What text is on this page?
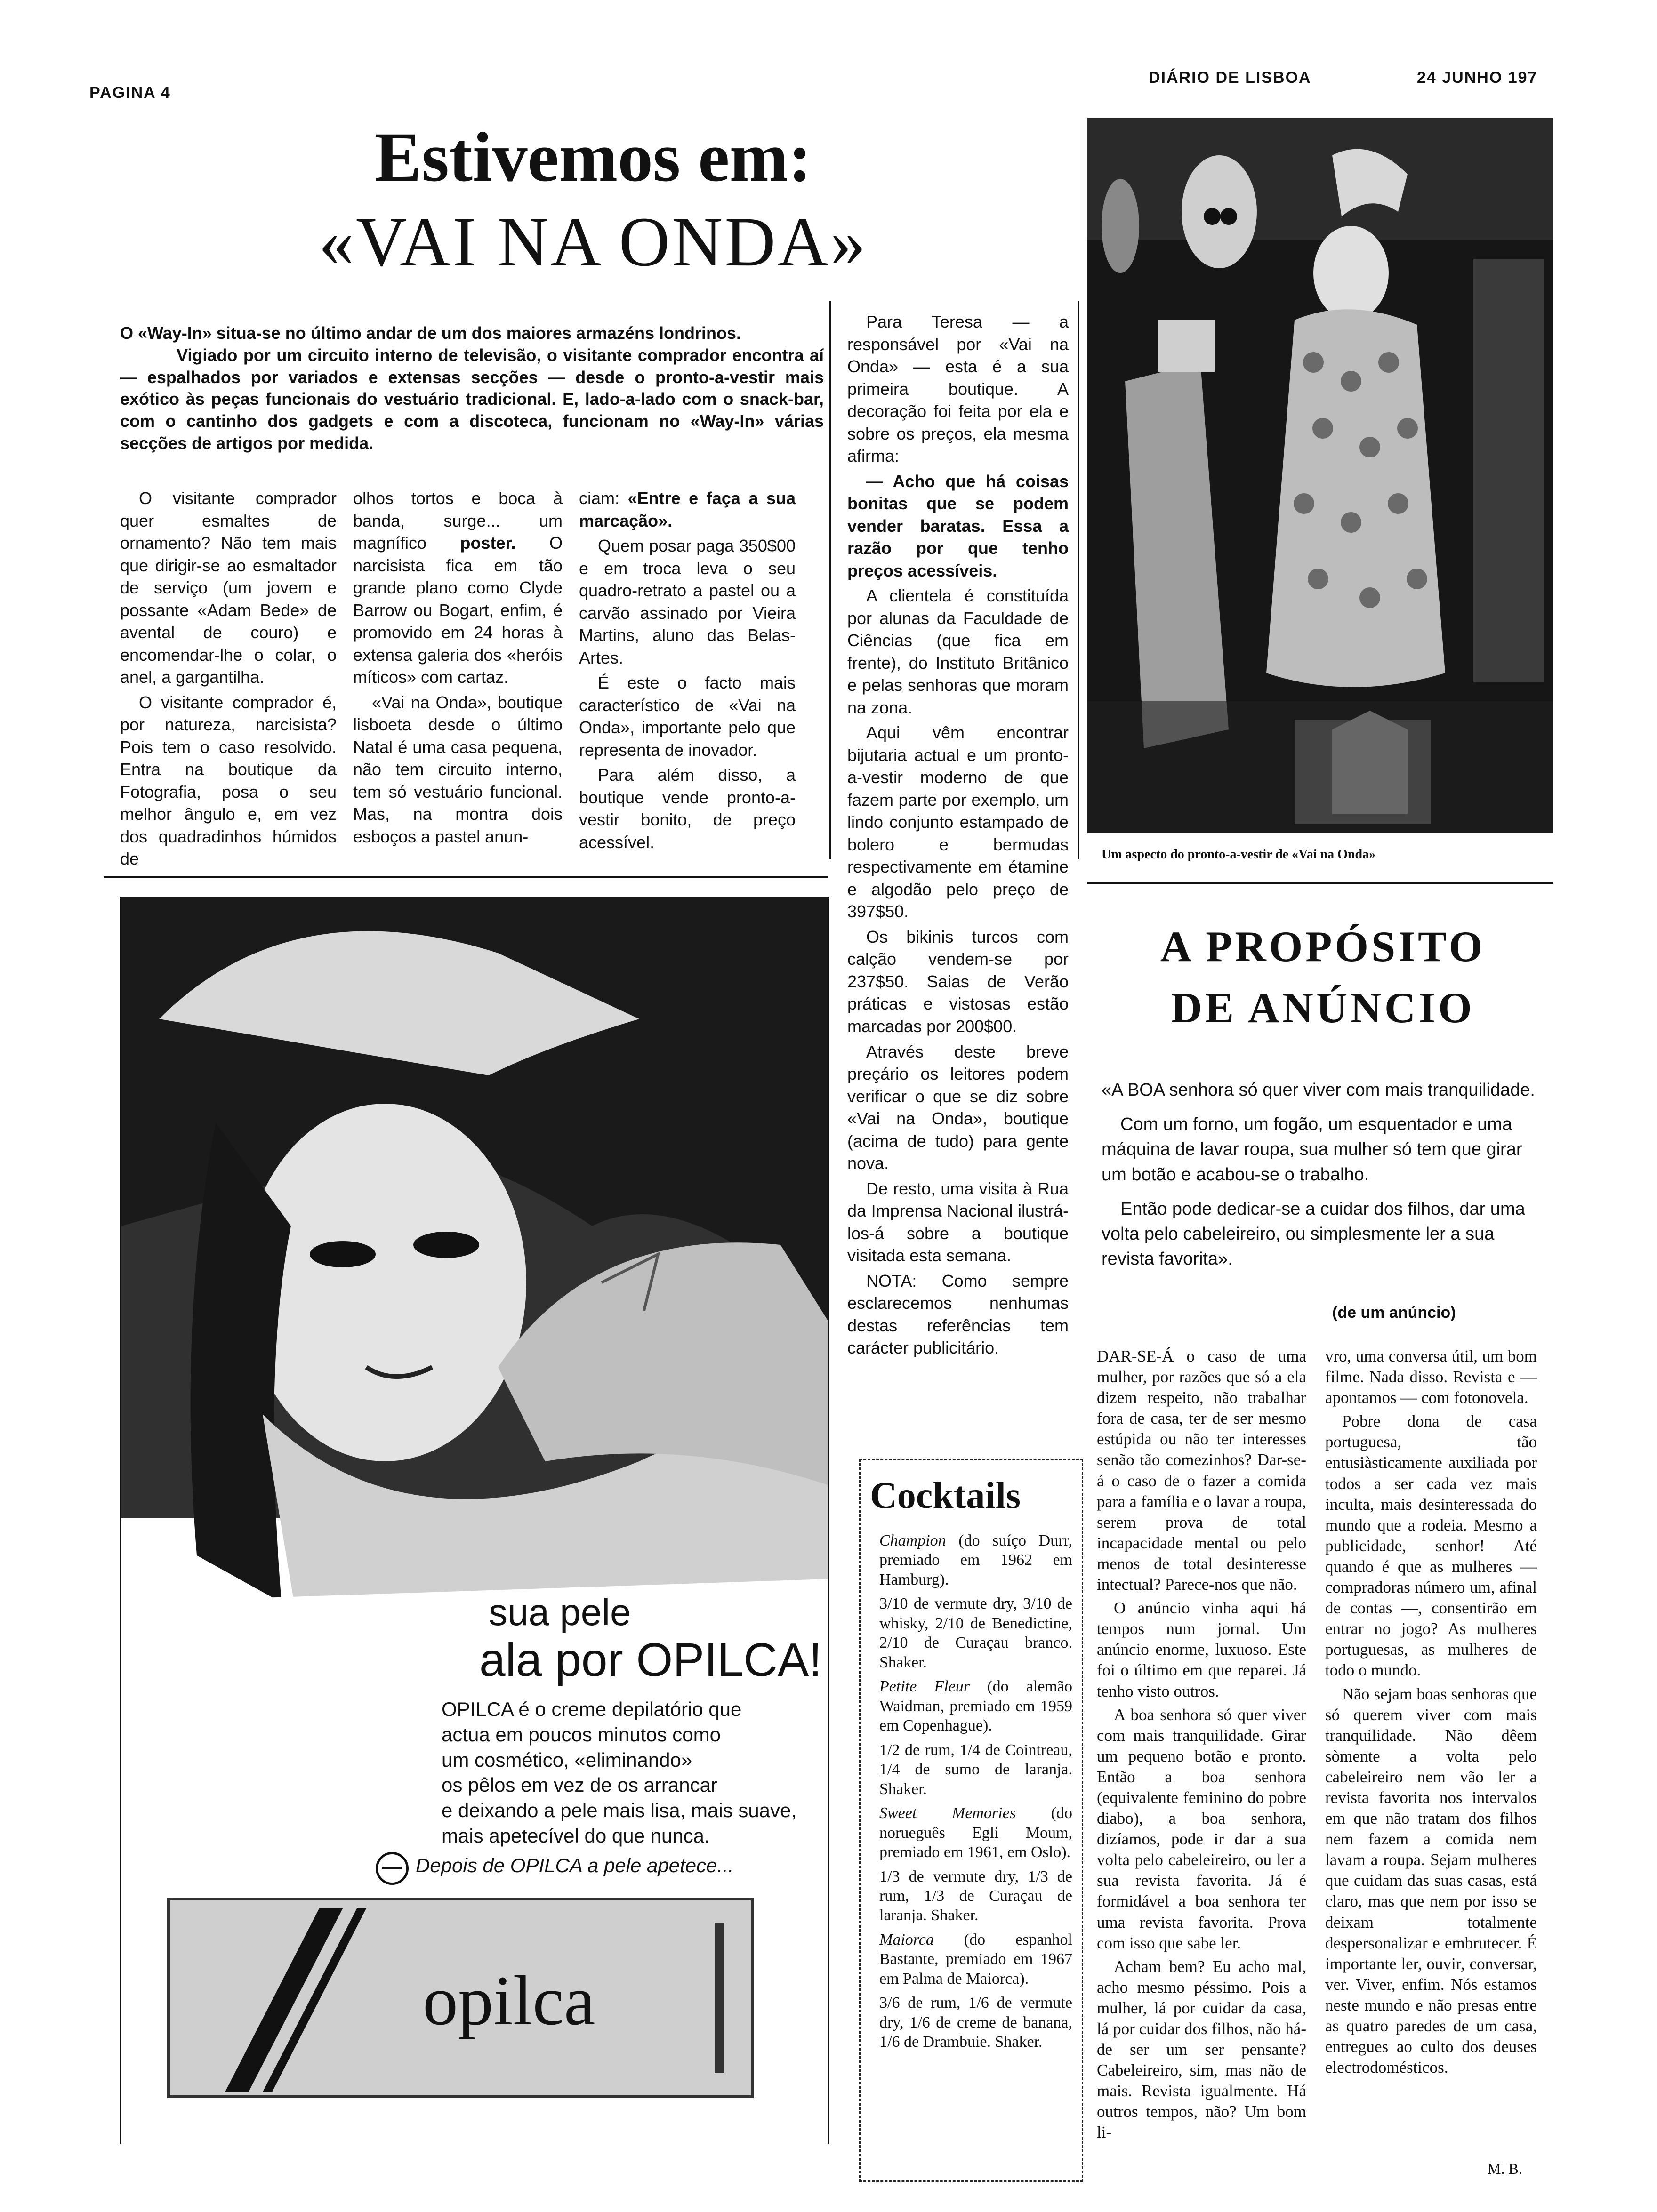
PAGINA 4
DIÁRIO DE LISBOA	24 JUNHO 197
Estivemos em:
«VAI NA ONDA»

O «Way-In» situa-se no último andar de um dos maiores armazéns londrinos.

Vigiado por um circuito interno de televisão, o visitante comprador encontra aí — espalhados por variados e extensas secções — desde o pronto-a-vestir mais exótico às peças funcionais do vestuário tradicional. E, lado-a-lado com o snack-bar, com o cantinho dos gadgets e com a discoteca, funcionam no «Way-In» várias secções de artigos por medida.

O visitante comprador quer esmaltes de ornamento? Não tem mais que dirigir-se ao esmaltador de serviço (um jovem e possante «Adam Bede» de avental de couro) e encomendar-lhe o colar, o anel, a gargantilha.

O visitante comprador é, por natureza, narcisista? Pois tem o caso resolvido. Entra na boutique da Fotografia, posa o seu melhor ângulo e, em vez dos quadradinhos húmidos de

olhos tortos e boca à banda, surge... um magnífico poster. O narcisista fica em tão grande plano como Clyde Barrow ou Bogart, enfim, é promovido em 24 horas à extensa galeria dos «heróis míticos» com cartaz.

«Vai na Onda», boutique lisboeta desde o último Natal é uma casa pequena, não tem circuito interno, tem só vestuário funcional. Mas, na montra dois esboços a pastel anun-

ciam: «Entre e faça a sua marcação».

Quem posar paga 350$00 e em troca leva o seu quadro-retrato a pastel ou a carvão assinado por Vieira Martins, aluno das Belas-Artes.

É este o facto mais característico de «Vai na Onda», importante pelo que representa de inovador.

Para além disso, a boutique vende pronto-a-vestir bonito, de preço acessível.

Para Teresa — a responsável por «Vai na Onda» — esta é a sua primeira boutique. A decoração foi feita por ela e sobre os preços, ela mesma afirma:

— Acho que há coisas bonitas que se podem vender baratas. Essa a razão por que tenho preços acessíveis.

A clientela é constituída por alunas da Faculdade de Ciências (que fica em frente), do Instituto Britânico e pelas senhoras que moram na zona.

Aqui vêm encontrar bijutaria actual e um pronto-a-vestir moderno de que fazem parte por exemplo, um lindo conjunto estampado de bolero e bermudas respectivamente em étamine e algodão pelo preço de 397$50.

Os bikinis turcos com calção vendem-se por 237$50. Saias de Verão práticas e vistosas estão marcadas por 200$00.

Através deste breve preçário os leitores podem verificar o que se diz sobre «Vai na Onda», boutique (acima de tudo) para gente nova.

De resto, uma visita à Rua da Imprensa Nacional ilustrá-los-á sobre a boutique visitada esta semana.

NOTA: Como sempre esclarecemos nenhumas destas referências tem carácter publicitário.

Um aspecto do pronto-a-vestir de «Vai na Onda»
sua pele
ala por OPILCA!
OPILCA é o creme depilatório que
actua em poucos minutos como
um cosmético, «eliminando»
os pêlos em vez de os arrancar
e deixando a pele mais lisa, mais suave,
mais apetecível do que nunca.
Depois de OPILCA a pele apetece...
opilca
Cocktails

Champion (do suíço Durr, premiado em 1962 em Hamburg).

3/10 de vermute dry, 3/10 de whisky, 2/10 de Benedictine, 2/10 de Curaçau branco. Shaker.

Petite Fleur (do alemão Waidman, premiado em 1959 em Copenhague).

1/2 de rum, 1/4 de Cointreau, 1/4 de sumo de laranja. Shaker.

Sweet Memories (do norueguês Egli Moum, premiado em 1961, em Oslo).

1/3 de vermute dry, 1/3 de rum, 1/3 de Curaçau de laranja. Shaker.

Maiorca (do espanhol Bastante, premiado em 1967 em Palma de Maiorca).

3/6 de rum, 1/6 de vermute dry, 1/6 de creme de banana, 1/6 de Drambuie. Shaker.

A PROPÓSITO
DE ANÚNCIO

«A BOA senhora só quer viver com mais tranquilidade.

Com um forno, um fogão, um esquentador e uma máquina de lavar roupa, sua mulher só tem que girar um botão e acabou-se o trabalho.

Então pode dedicar-se a cuidar dos filhos, dar uma volta pelo cabeleireiro, ou simplesmente ler a sua revista favorita».

(de um anúncio)

DAR-SE-Á o caso de uma mulher, por razões que só a ela dizem respeito, não trabalhar fora de casa, ter de ser mesmo estúpida ou não ter interesses senão tão comezinhos? Dar-se-á o caso de o fazer a comida para a família e o lavar a roupa, serem prova de total incapacidade mental ou pelo menos de total desinteresse intectual? Parece-nos que não.

O anúncio vinha aqui há tempos num jornal. Um anúncio enorme, luxuoso. Este foi o último em que reparei. Já tenho visto outros.

A boa senhora só quer viver com mais tranquilidade. Girar um pequeno botão e pronto. Então a boa senhora (equivalente feminino do pobre diabo), a boa senhora, dizíamos, pode ir dar a sua volta pelo cabeleireiro, ou ler a sua revista favorita. Já é formidável a boa senhora ter uma revista favorita. Prova com isso que sabe ler.

Acham bem? Eu acho mal, acho mesmo péssimo. Pois a mulher, lá por cuidar da casa, lá por cuidar dos filhos, não há-de ser um ser pensante? Cabeleireiro, sim, mas não de mais. Revista igualmente. Há outros tempos, não? Um bom li-

vro, uma conversa útil, um bom filme. Nada disso. Revista e — apontamos — com fotonovela.

Pobre dona de casa portuguesa, tão entusiàsticamente auxiliada por todos a ser cada vez mais inculta, mais desinteressada do mundo que a rodeia. Mesmo a publicidade, senhor! Até quando é que as mulheres — compradoras número um, afinal de contas —, consentirão em entrar no jogo? As mulheres portuguesas, as mulheres de todo o mundo.

Não sejam boas senhoras que só querem viver com mais tranquilidade. Não dêem sòmente a volta pelo cabeleireiro nem vão ler a revista favorita nos intervalos em que não tratam dos filhos nem fazem a comida nem lavam a roupa. Sejam mulheres que cuidam das suas casas, está claro, mas que nem por isso se deixam totalmente despersonalizar e embrutecer. É importante ler, ouvir, conversar, ver. Viver, enfim. Nós estamos neste mundo e não presas entre as quatro paredes de um casa, entregues ao culto dos deuses electrodomésticos.

M. B.
